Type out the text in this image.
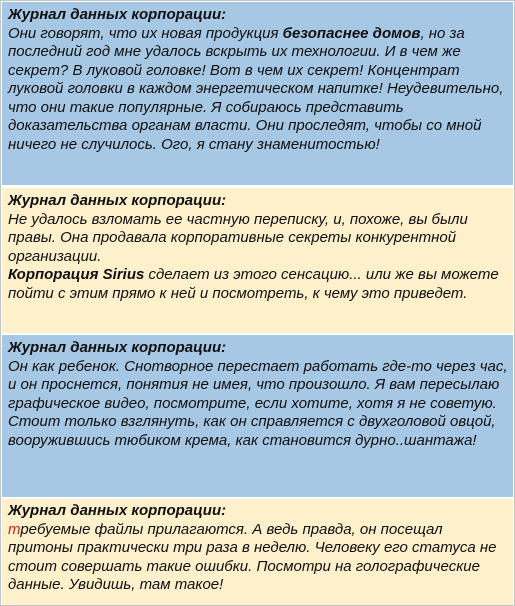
Журнал данных корпорации:
Они говорят, что их новая продукция безопаснее домов, но за последний год мне удалось вскрыть их технологии. И в чем же секрет? В луковой головке! Вот в чем их секрет! Концентрат луковой головки в каждом энергетическом напитке! Неудевительно, что они такие популярные. Я собираюсь представить доказательства органам власти. Они проследят, чтобы со мной ничего не случилось. Ого, я стану знаменитостью!
Журнал данных корпорации:
Не удалось взломать ее частную переписку, и, похоже, вы были правы. Она продавала корпоративные секреты конкурентной организации.
Корпорация Sirius сделает из этого сенсацию... или же вы можете пойти с этим прямо к ней и посмотреть, к чему это приведет.
Журнал данных корпорации:
Он как ребенок. Снотворное перестает работать где-то через час, и он проснется, понятия не имея, что произошло. Я вам пересылаю графическое видео, посмотрите, если хотите, хотя я не советую. Стоит только взглянуть, как он справляется с двухголовой овцой, вооружившись тюбиком крема, как становится дурно..шантажа!
Журнал данных корпорации:
требуемые файлы прилагаются. А ведь правда, он посещал притоны практически три раза в неделю. Человеку его статуса не стоит совершать такие ошибки. Посмотри на голографические данные. Увидишь, там такое!
